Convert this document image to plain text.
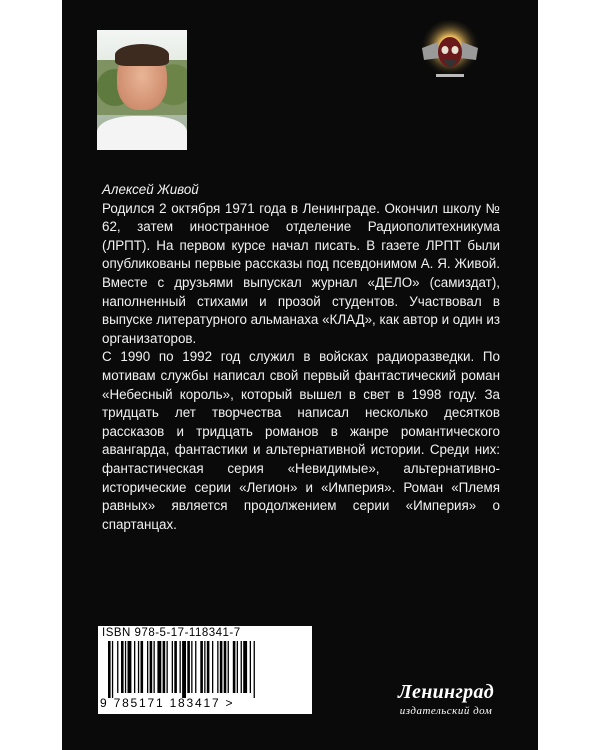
Алексей Живой

Родился 2 октября 1971 года в Ленинграде. Окончил школу № 62, затем иностранное отделение Радиополитехникума (ЛРПТ). На первом курсе начал писать. В газете ЛРПТ были опубликованы первые рассказы под псевдонимом А. Я. Живой. Вместе с друзьями выпускал журнал «ДЕЛО» (самиздат), наполненный стихами и прозой студентов. Участвовал в выпуске литературного альманаха «КЛАД», как автор и один из организаторов.

С 1990 по 1992 год служил в войсках радиоразведки. По мотивам службы написал свой первый фантастический роман «Небесный король», который вышел в свет в 1998 году. За тридцать лет творчества написал несколько десятков рассказов и тридцать романов в жанре романтического авангарда, фантастики и альтернативной истории. Среди них: фантастическая серия «Невидимые», альтернативно-исторические серии «Легион» и «Империя». Роман «Племя равных» является продолжением серии «Империя» о спартанцах.

ISBN 978-5-17-118341-7
9 785171 183417 >	Ленинград
издательский дом
